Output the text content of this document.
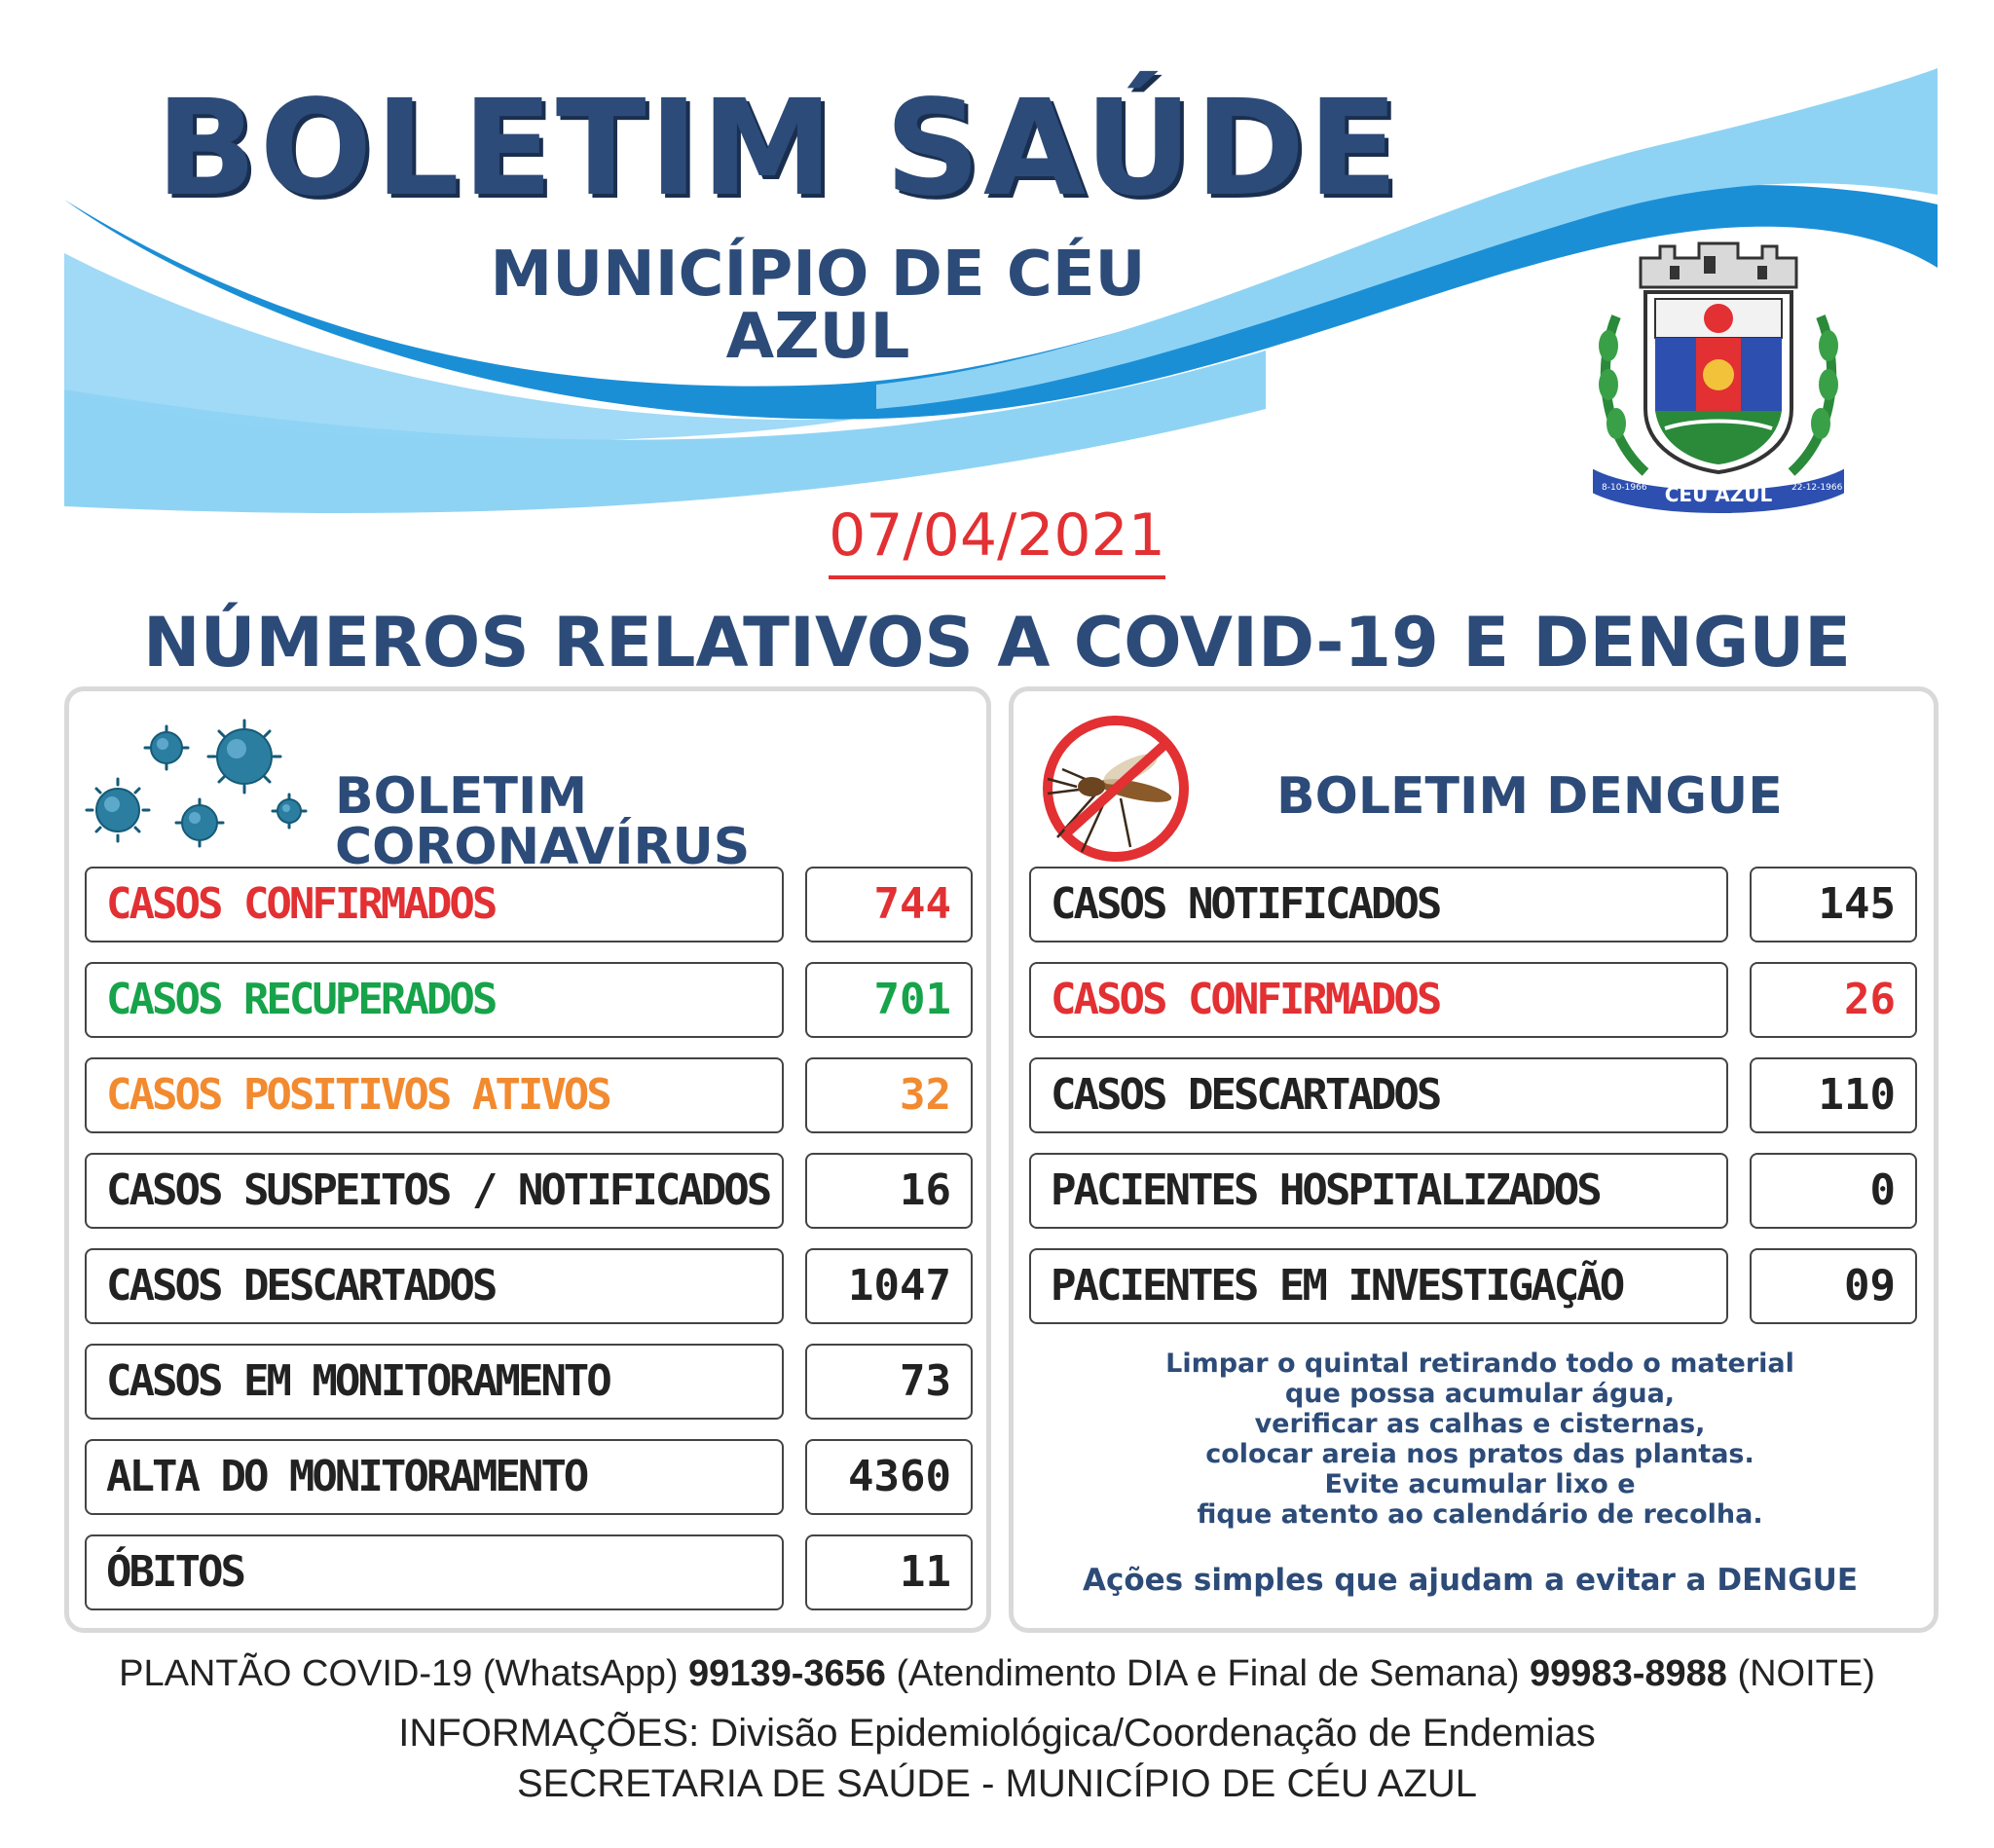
BOLETIM SAÚDE
MUNICÍPIO DE CÉU AZUL
8-10-1966	22-12-1966
CÉU AZUL
07/04/2021
NÚMEROS RELATIVOS A COVID-19 E DENGUE
BOLETIM CORONAVÍRUS
CASOS CONFIRMADOS	744
CASOS RECUPERADOS	701
CASOS POSITIVOS ATIVOS	32
CASOS SUSPEITOS / NOTIFICADOS	16
CASOS DESCARTADOS	1047
CASOS EM MONITORAMENTO	73
ALTA DO MONITORAMENTO	4360
ÓBITOS	11
BOLETIM DENGUE
CASOS NOTIFICADOS	145
CASOS CONFIRMADOS	26
CASOS DESCARTADOS	110
PACIENTES HOSPITALIZADOS	0
PACIENTES EM INVESTIGAÇÃO	09
Limpar o quintal retirando todo o material
que possa acumular água,
verificar as calhas e cisternas,
colocar areia nos pratos das plantas.
Evite acumular lixo e
fique atento ao calendário de recolha.
Ações simples que ajudam a evitar a DENGUE
PLANTÃO COVID-19 (WhatsApp) 99139-3656 (Atendimento DIA e Final de Semana) 99983-8988 (NOITE)
INFORMAÇÕES: Divisão Epidemiológica/Coordenação de Endemias
SECRETARIA DE SAÚDE - MUNICÍPIO DE CÉU AZUL
